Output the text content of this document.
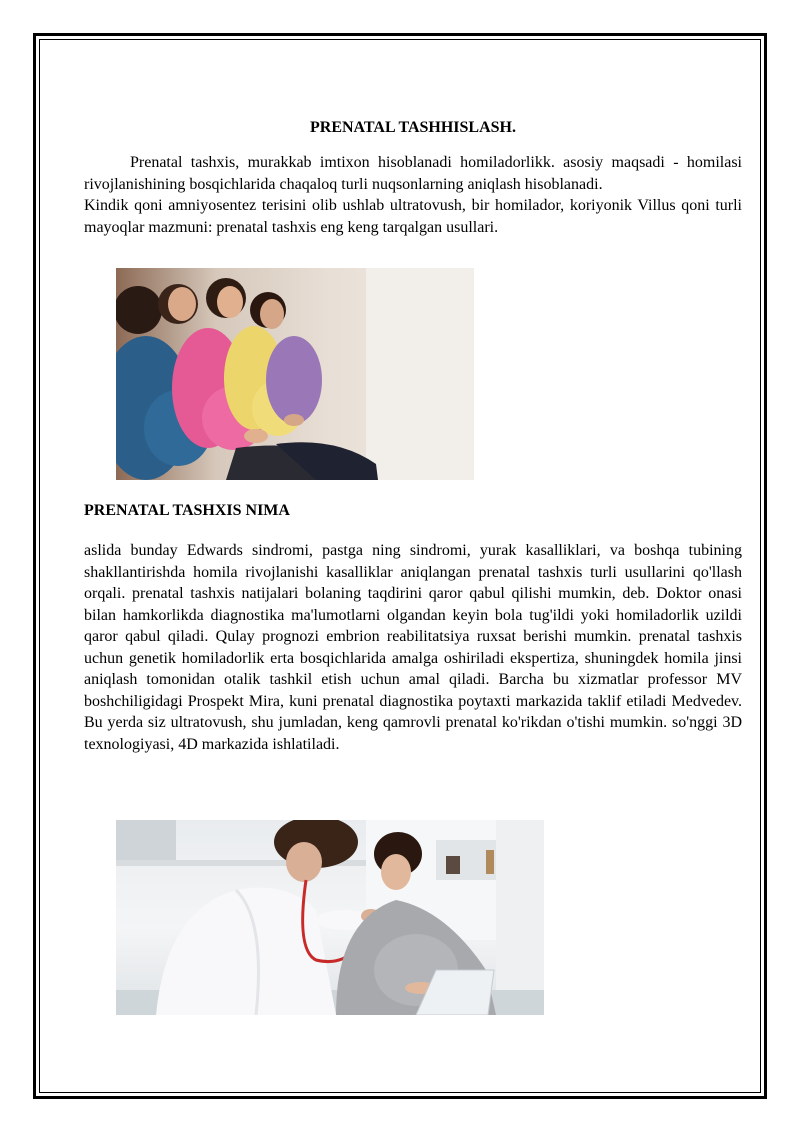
PRENATAL TASHHISLASH.

Prenatal tashxis, murakkab imtixon hisoblanadi homiladorlikk. asosiy maqsadi - homilasi rivojlanishining bosqichlarida chaqaloq turli nuqsonlarning aniqlash hisoblanadi.

Kindik qoni amniyosentez terisini olib ushlab ultratovush, bir homilador, koriyonik Villus qoni turli mayoqlar mazmuni: prenatal tashxis eng keng tarqalgan usullari.

PRENATAL TASHXIS NIMA

aslida bunday Edwards sindromi, pastga ning sindromi, yurak kasalliklari, va boshqa tubining shakllantirishda homila rivojlanishi kasalliklar aniqlangan prenatal tashxis turli usullarini qo'llash orqali. prenatal tashxis natijalari bolaning taqdirini qaror qabul qilishi mumkin, deb. Doktor onasi bilan hamkorlikda diagnostika ma'lumotlarni olgandan keyin bola tug'ildi yoki homiladorlik uzildi qaror qabul qiladi. Qulay prognozi embrion reabilitatsiya ruxsat berishi mumkin. prenatal tashxis uchun genetik homiladorlik erta bosqichlarida amalga oshiriladi ekspertiza, shuningdek homila jinsi aniqlash tomonidan otalik tashkil etish uchun amal qiladi. Barcha bu xizmatlar professor MV boshchiligidagi Prospekt Mira, kuni prenatal diagnostika poytaxti markazida taklif etiladi Medvedev. Bu yerda siz ultratovush, shu jumladan, keng qamrovli prenatal ko'rikdan o'tishi mumkin. so'nggi 3D texnologiyasi, 4D markazida ishlatiladi.
